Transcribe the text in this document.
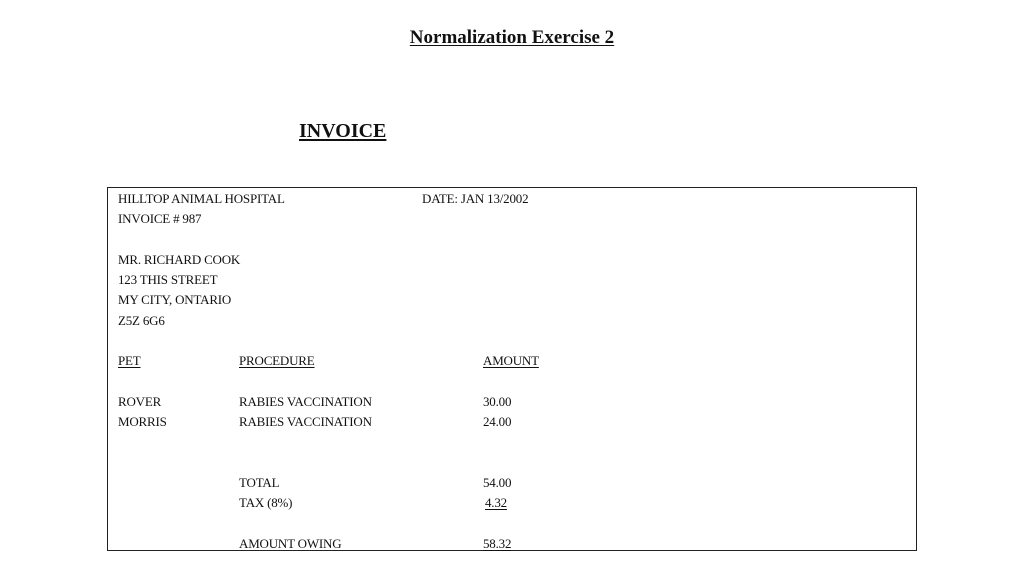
Normalization Exercise 2
INVOICE
HILLTOP ANIMAL HOSPITAL	DATE: JAN 13/2002
INVOICE # 987
MR. RICHARD COOK
123 THIS STREET
MY CITY, ONTARIO
Z5Z 6G6
PET	PROCEDURE	AMOUNT
ROVER	RABIES VACCINATION	30.00
MORRIS	RABIES VACCINATION	24.00
TOTAL	54.00
TAX (8%)	4.32
AMOUNT OWING	58.32
